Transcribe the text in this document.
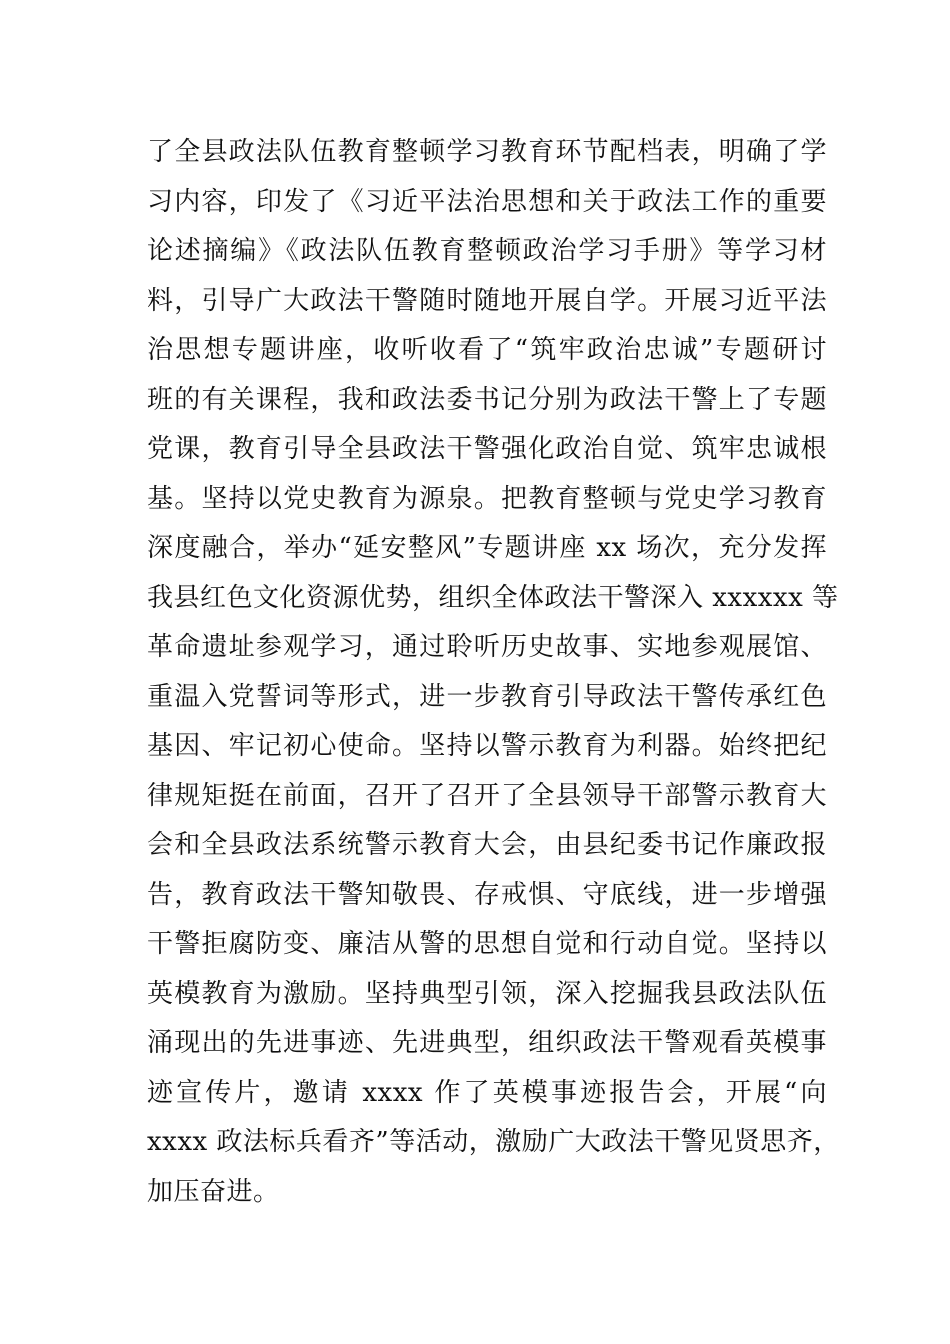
了全县政法队伍教育整顿学习教育环节配档表，明确了学
习内容，印发了《习近平法治思想和关于政法工作的重要
论述摘编》《政法队伍教育整顿政治学习手册》等学习材
料，引导广大政法干警随时随地开展自学。开展习近平法
治思想专题讲座，收听收看了“筑牢政治忠诚”专题研讨
班的有关课程，我和政法委书记分别为政法干警上了专题
党课，教育引导全县政法干警强化政治自觉、筑牢忠诚根
基。坚持以党史教育为源泉。把教育整顿与党史学习教育
深度融合，举办“延安整风”专题讲座 xx 场次，充分发挥
我县红色文化资源优势，组织全体政法干警深入 xxxxxx 等
革命遗址参观学习，通过聆听历史故事、实地参观展馆、
重温入党誓词等形式，进一步教育引导政法干警传承红色
基因、牢记初心使命。坚持以警示教育为利器。始终把纪
律规矩挺在前面，召开了召开了全县领导干部警示教育大
会和全县政法系统警示教育大会，由县纪委书记作廉政报
告，教育政法干警知敬畏、存戒惧、守底线，进一步增强
干警拒腐防变、廉洁从警的思想自觉和行动自觉。坚持以
英模教育为激励。坚持典型引领，深入挖掘我县政法队伍
涌现出的先进事迹、先进典型，组织政法干警观看英模事
迹宣传片，邀请 xxxx 作了英模事迹报告会，开展“向
xxxx 政法标兵看齐”等活动，激励广大政法干警见贤思齐，
加压奋进。
